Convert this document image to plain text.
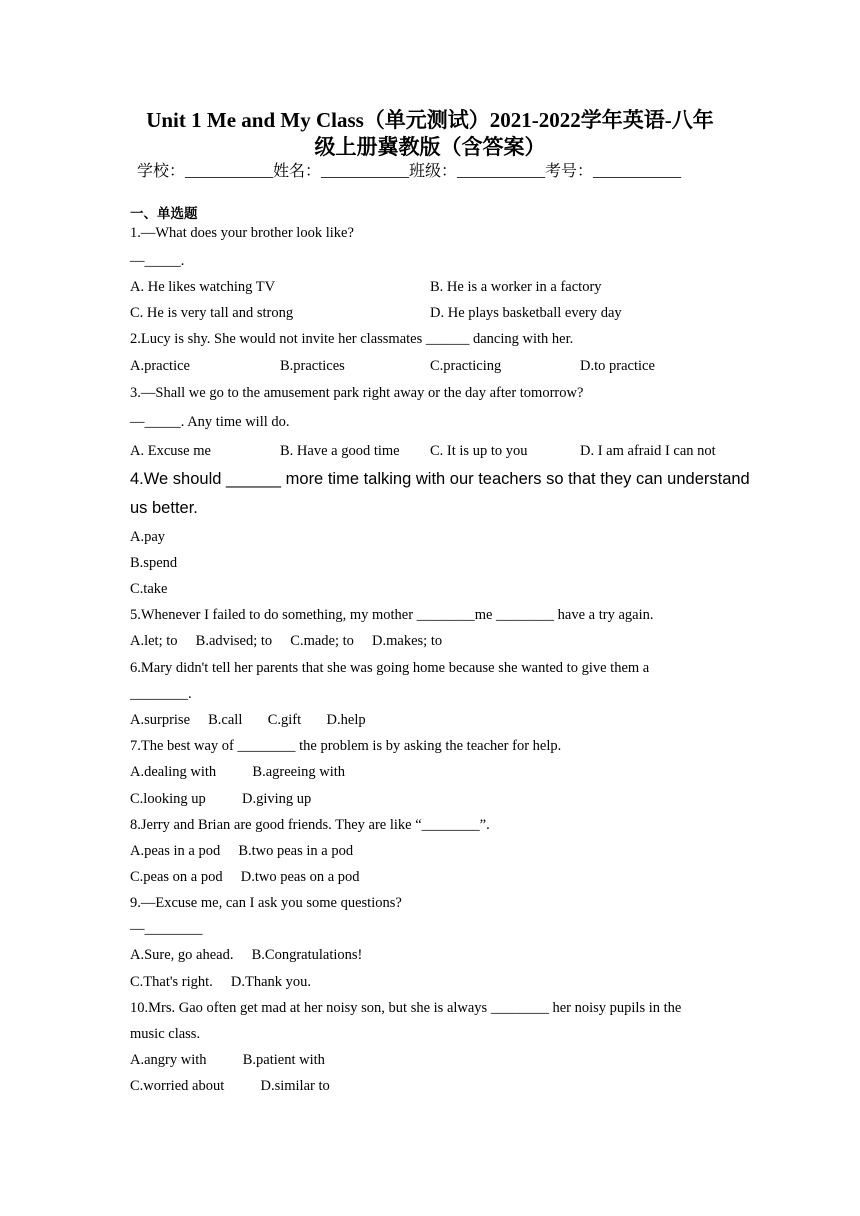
Unit 1 Me and My Class（单元测试）2021-2022学年英语-八年
级上册冀教版（含答案）
学校：___________姓名：___________班级：___________考号：___________
一、单选题
1.—What does your brother look like?
—_____.
A. He likes watching TV	B. He is a worker in a factory
C. He is very tall and strong	D. He plays basketball every day
2.Lucy is shy. She would not invite her classmates ______ dancing with her.
A.practice	B.practices	C.practicing	D.to practice
3.—Shall we go to the amusement park right away or the day after tomorrow?
—_____. Any time will do.
A. Excuse me	B. Have a good time C. It is up to you	D. I am afraid I can not
4.We should ______ more time talking with our teachers so that they can understand
us better.
A.pay
B.spend
C.take
5.Whenever I failed to do something, my mother ________me ________ have a try again.
A.let; to     B.advised; to     C.made; to     D.makes; to
6.Mary didn't tell her parents that she was going home because she wanted to give them a
________.
A.surprise     B.call       C.gift       D.help
7.The best way of ________ the problem is by asking the teacher for help.
A.dealing with          B.agreeing with
C.looking up          D.giving up
8.Jerry and Brian are good friends. They are like “________”.
A.peas in a pod     B.two peas in a pod
C.peas on a pod     D.two peas on a pod
9.—Excuse me, can I ask you some questions?
—________
A.Sure, go ahead.     B.Congratulations!
C.That's right.     D.Thank you.
10.Mrs. Gao often get mad at her noisy son, but she is always ________ her noisy pupils in the
music class.
A.angry with          B.patient with
C.worried about          D.similar to
